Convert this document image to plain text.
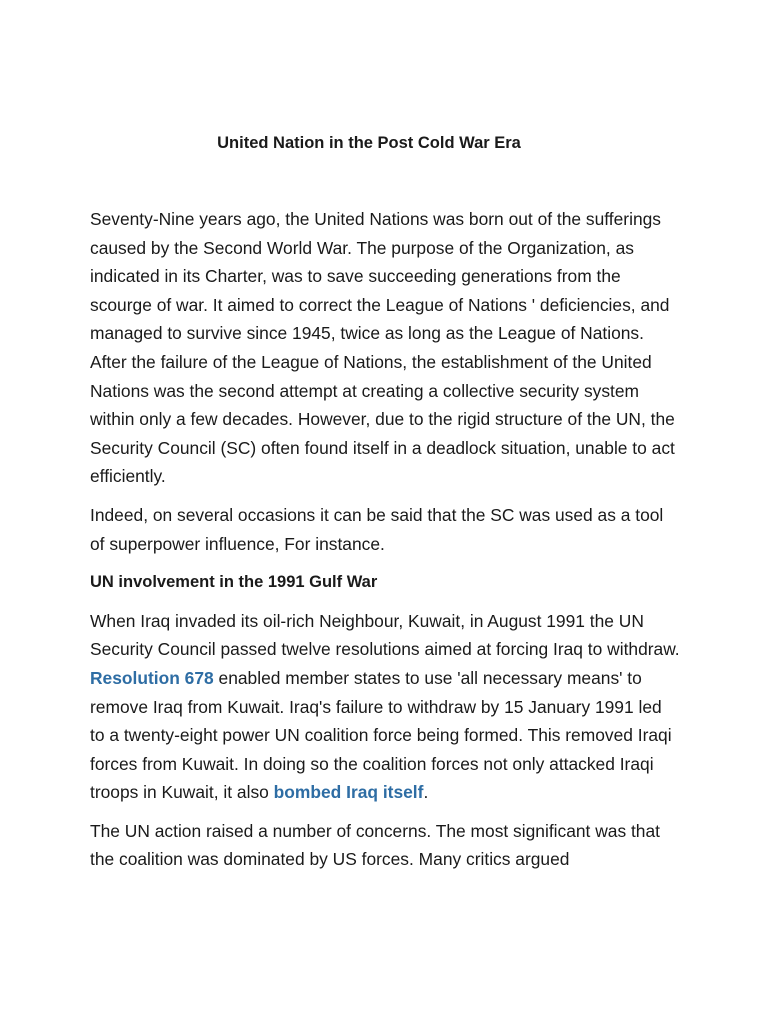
United Nation in the Post Cold War Era

Seventy-Nine years ago, the United Nations was born out of the sufferings caused by the Second World War. The purpose of the Organization, as indicated in its Charter, was to save succeeding generations from the scourge of war. It aimed to correct the League of Nations ' deficiencies, and managed to survive since 1945, twice as long as the League of Nations. After the failure of the League of Nations, the establishment of the United Nations was the second attempt at creating a collective security system within only a few decades. However, due to the rigid structure of the UN, the Security Council (SC) often found itself in a deadlock situation, unable to act efficiently.

Indeed, on several occasions it can be said that the SC was used as a tool of superpower influence, For instance.

UN involvement in the 1991 Gulf War

When Iraq invaded its oil-rich Neighbour, Kuwait, in August 1991 the UN Security Council passed twelve resolutions aimed at forcing Iraq to withdraw. Resolution 678 enabled member states to use 'all necessary means' to remove Iraq from Kuwait. Iraq's failure to withdraw by 15 January 1991 led to a twenty-eight power UN coalition force being formed. This removed Iraqi forces from Kuwait. In doing so the coalition forces not only attacked Iraqi troops in Kuwait, it also bombed Iraq itself.

The UN action raised a number of concerns. The most significant was that the coalition was dominated by US forces. Many critics argued
